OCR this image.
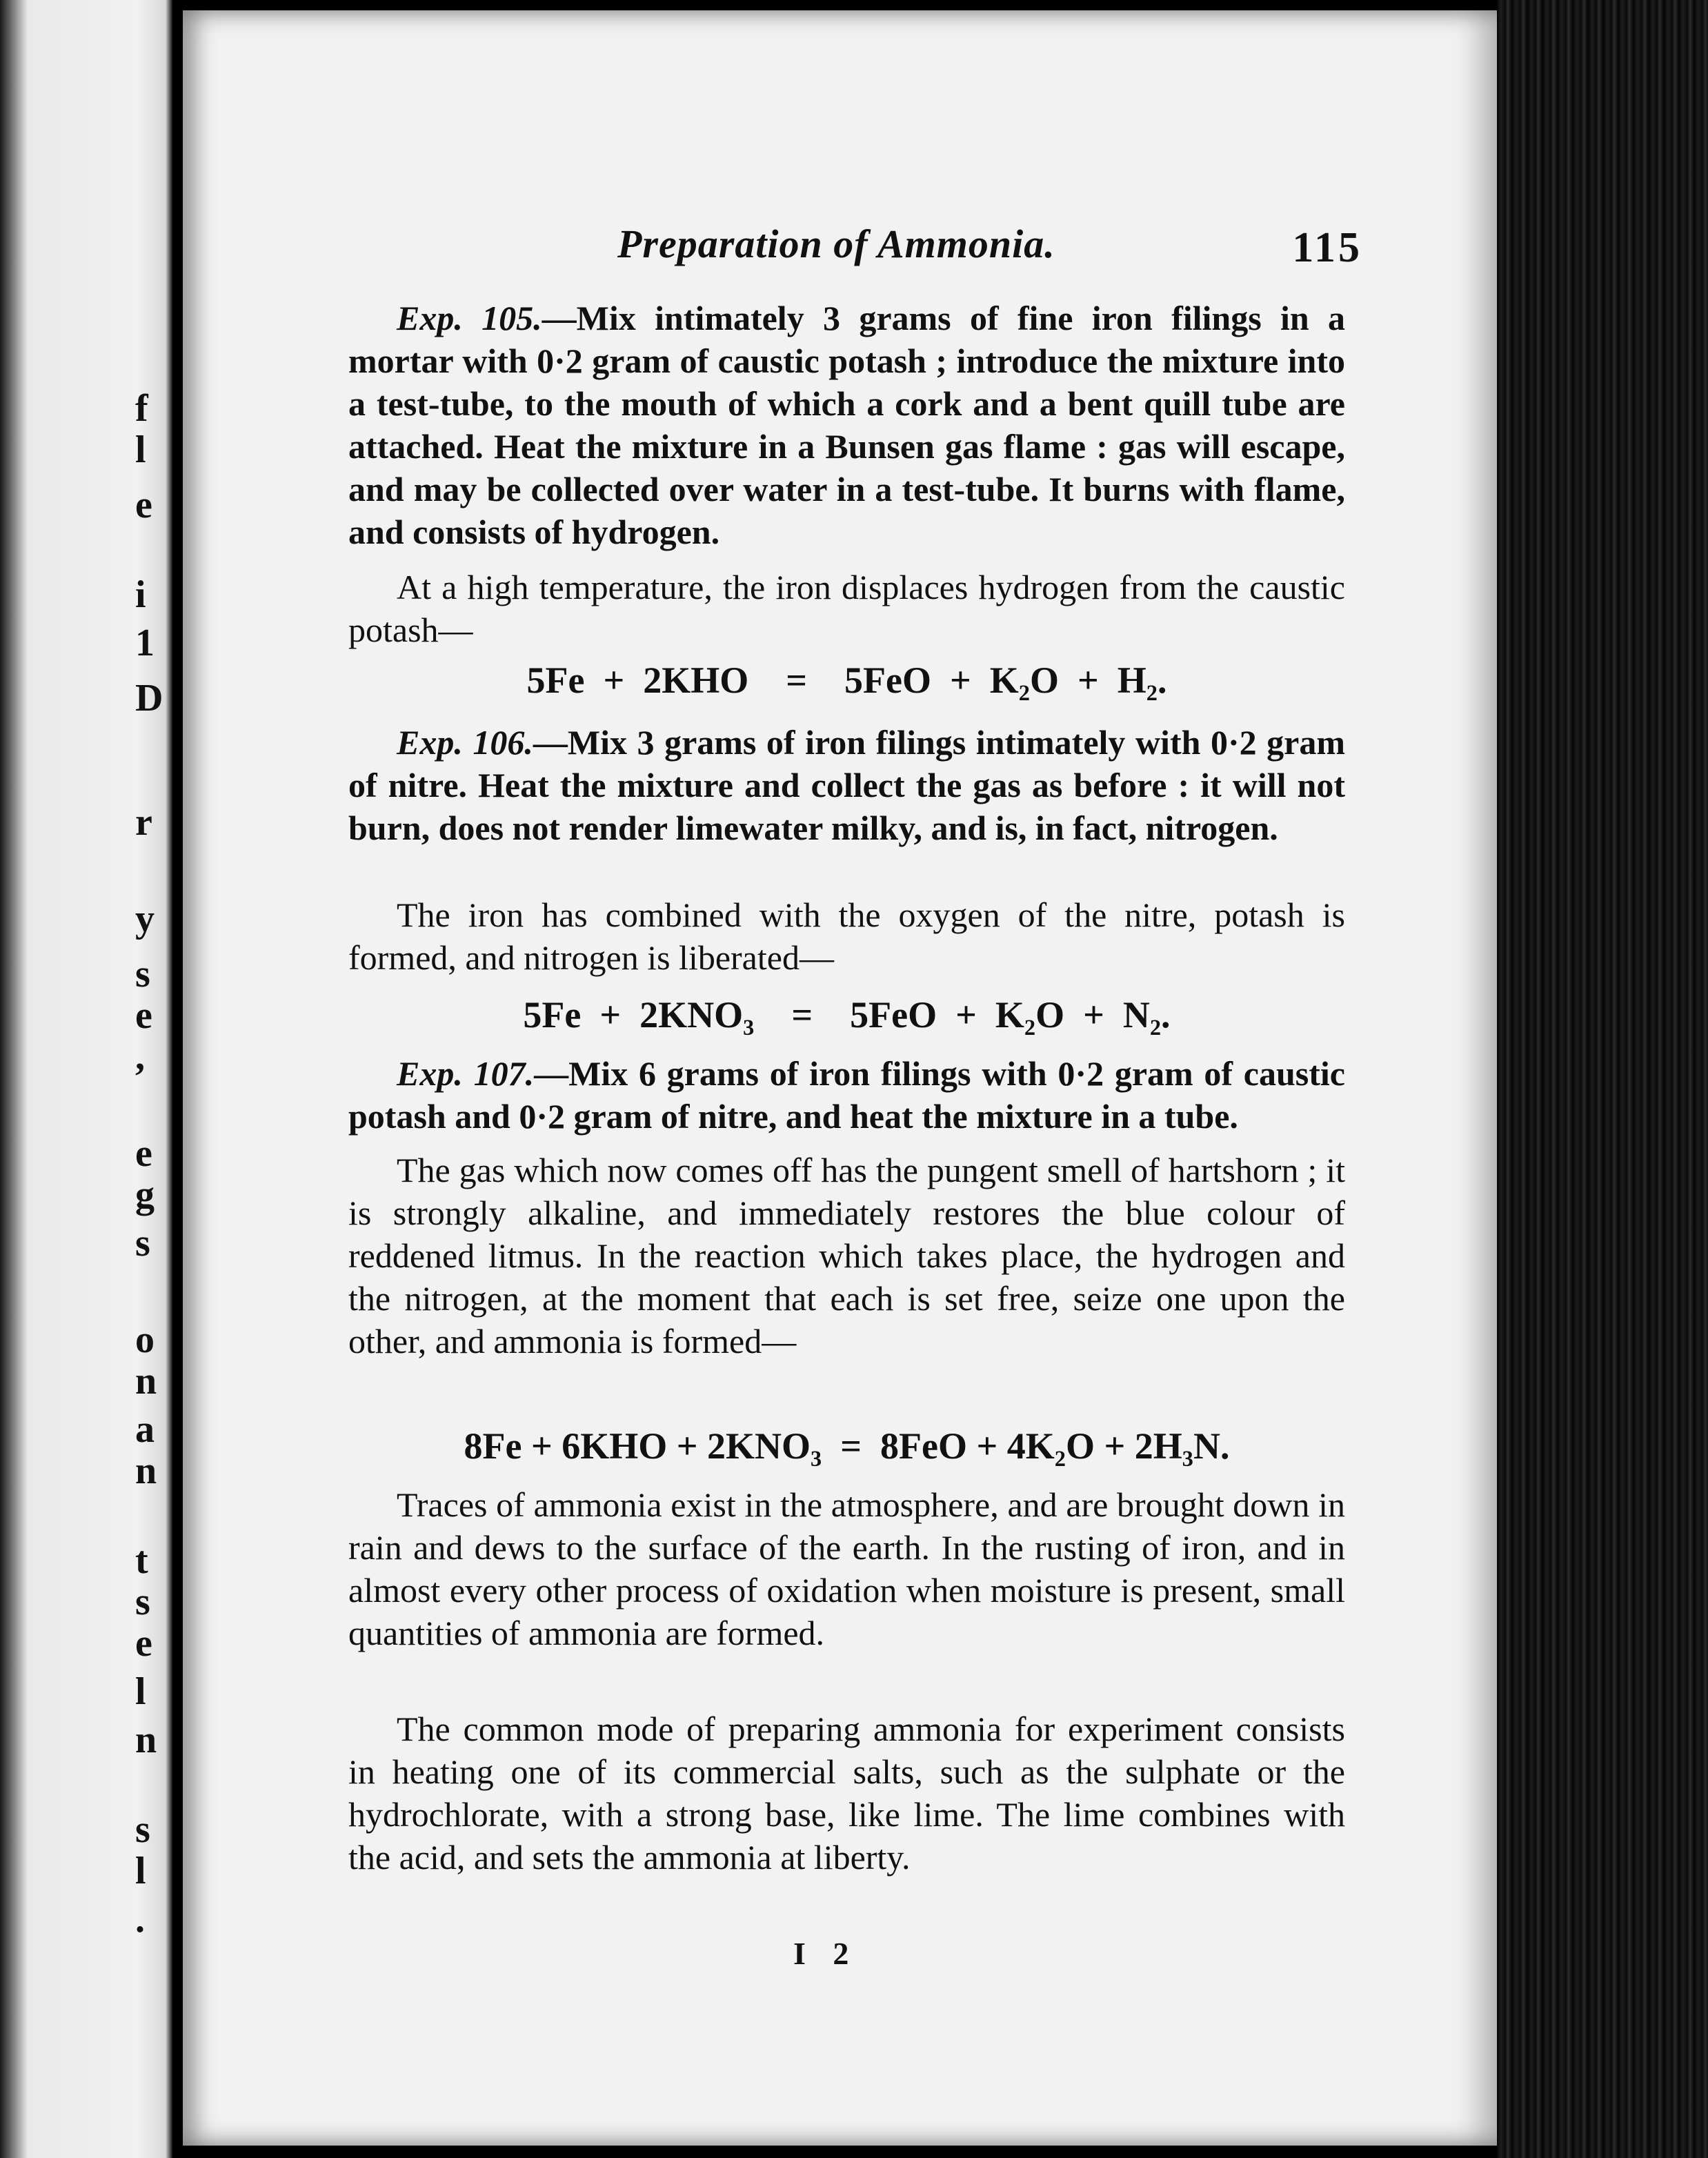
f
l
e
i
1
D
r
y
s
e
,
e
g
s
o
n
a
n
t
s
e
l
n
s
l
.
Preparation of Ammonia.	115
Exp. 105.—Mix intimately 3 grams of fine iron filings in a mortar with 0·2 gram of caustic potash ; introduce the mixture into a test-tube, to the mouth of which a cork and a bent quill tube are attached. Heat the mixture in a Bunsen gas flame : gas will escape, and may be collected over water in a test-tube. It burns with flame, and consists of hydrogen.
At a high temperature, the iron displaces hydrogen from the caustic potash—
5Fe + 2KHO = 5FeO + K₂O + H₂.
Exp. 106.—Mix 3 grams of iron filings intimately with 0·2 gram of nitre. Heat the mixture and collect the gas as before : it will not burn, does not render limewater milky, and is, in fact, nitrogen.
The iron has combined with the oxygen of the nitre, potash is formed, and nitrogen is liberated—
5Fe + 2KNO₃ = 5FeO + K₂O + N₂.
Exp. 107.—Mix 6 grams of iron filings with 0·2 gram of caustic potash and 0·2 gram of nitre, and heat the mixture in a tube.
The gas which now comes off has the pungent smell of hartshorn ; it is strongly alkaline, and immediately restores the blue colour of reddened litmus. In the reaction which takes place, the hydrogen and the nitrogen, at the moment that each is set free, seize one upon the other, and ammonia is formed—
8Fe + 6KHO + 2KNO₃ = 8FeO + 4K₂O + 2H₃N.
Traces of ammonia exist in the atmosphere, and are brought down in rain and dews to the surface of the earth. In the rusting of iron, and in almost every other process of oxidation when moisture is present, small quantities of ammonia are formed.
The common mode of preparing ammonia for experiment consists in heating one of its commercial salts, such as the sulphate or the hydrochlorate, with a strong base, like lime. The lime combines with the acid, and sets the ammonia at liberty.
I 2
